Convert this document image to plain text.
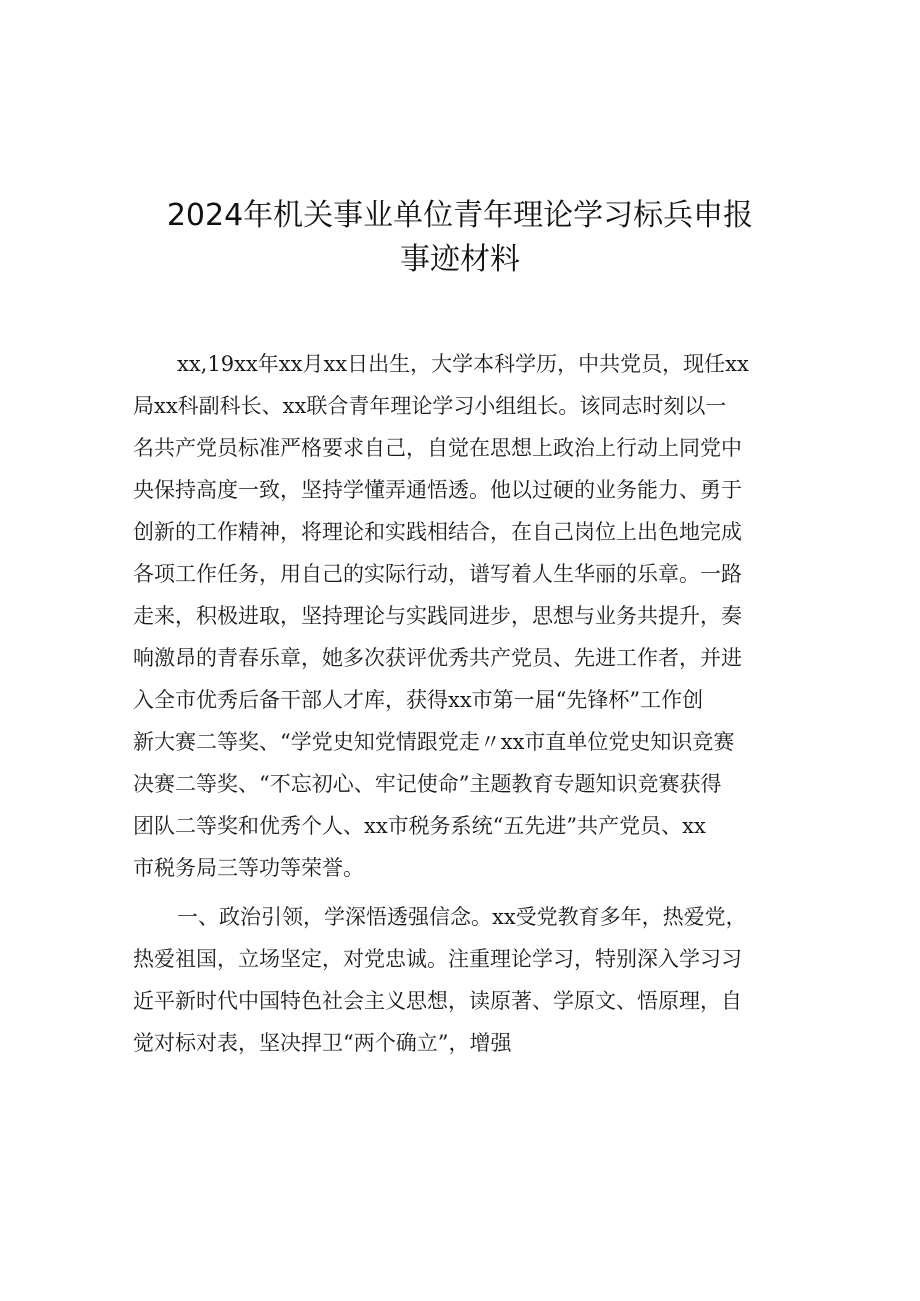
2024年机关事业单位青年理论学习标兵申报
事迹材料

xx,19xx年xx月xx日出生，大学本科学历，中共党员，现任xx

局xx科副科长、xx联合青年理论学习小组组长。该同志时刻以一

名共产党员标准严格要求自己，自觉在思想上政治上行动上同党中

央保持高度一致，坚持学懂弄通悟透。他以过硬的业务能力、勇于

创新的工作精神，将理论和实践相结合，在自己岗位上出色地完成

各项工作任务，用自己的实际行动，谱写着人生华丽的乐章。一路

走来，积极进取，坚持理论与实践同进步，思想与业务共提升，奏

响激昂的青春乐章，她多次获评优秀共产党员、先进工作者，并进

入全市优秀后备干部人才库，获得xx市第一届“先锋杯”工作创

新大赛二等奖、“学党史知党情跟党走〃xx市直单位党史知识竞赛

决赛二等奖、“不忘初心、牢记使命”主题教育专题知识竞赛获得

团队二等奖和优秀个人、xx市税务系统“五先进”共产党员、xx

市税务局三等功等荣誉。

一、政治引领，学深悟透强信念。xx受党教育多年，热爱党，

热爱祖国，立场坚定，对党忠诚。注重理论学习，特别深入学习习

近平新时代中国特色社会主义思想，读原著、学原文、悟原理，自

觉对标对表，坚决捍卫“两个确立”，增强
